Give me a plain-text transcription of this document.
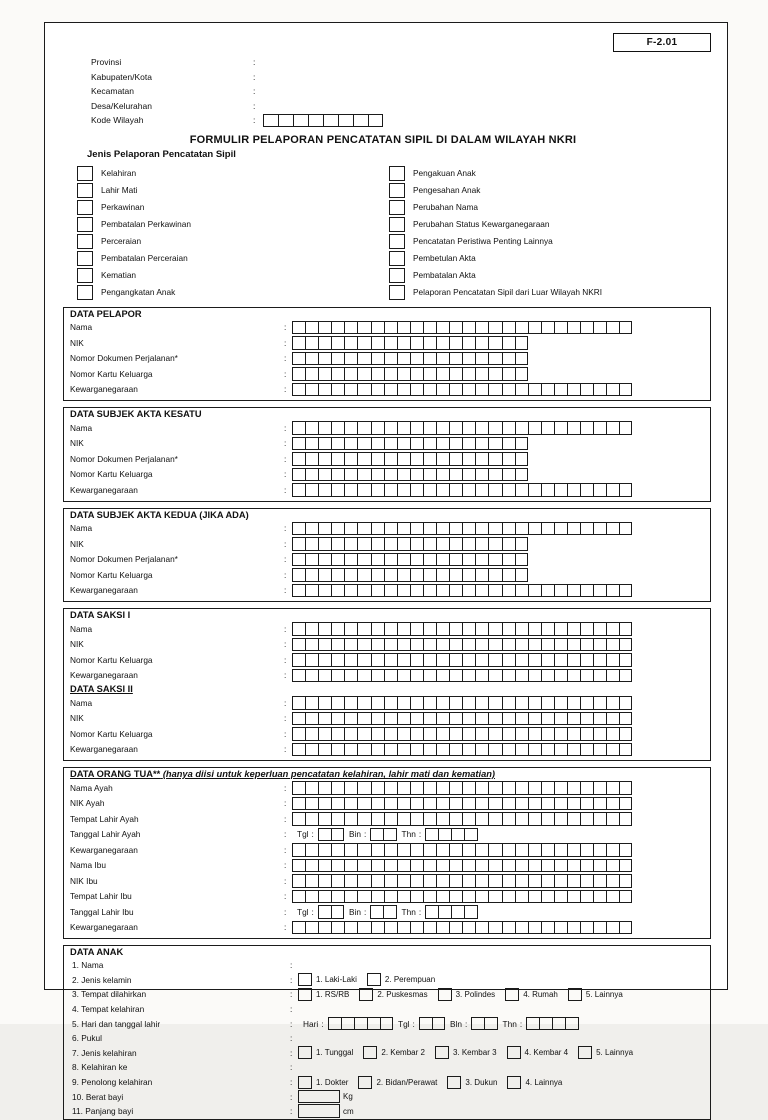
F-2.01
Provinsi	:
Kabupaten/Kota	:
Kecamatan	:
Desa/Kelurahan	:
Kode Wilayah	:
FORMULIR PELAPORAN PENCATATAN SIPIL DI DALAM WILAYAH NKRI
Jenis Pelaporan Pencatatan Sipil
Kelahiran
Lahir Mati
Perkawinan
Pembatalan Perkawinan
Perceraian
Pembatalan Perceraian
Kematian
Pengangkatan Anak
Pengakuan Anak
Pengesahan Anak
Perubahan Nama
Perubahan Status Kewarganegaraan
Pencatatan Peristiwa Penting Lainnya
Pembetulan Akta
Pembatalan Akta
Pelaporan Pencatatan Sipil dari Luar Wilayah NKRI
DATA PELAPOR
Nama	:
NIK	:
Nomor Dokumen Perjalanan*	:
Nomor Kartu Keluarga	:
Kewarganegaraan	:
DATA SUBJEK AKTA KESATU
Nama	:
NIK	:
Nomor Dokumen Perjalanan*	:
Nomor Kartu Keluarga	:
Kewarganegaraan	:
DATA SUBJEK AKTA KEDUA (JIKA ADA)
Nama	:
NIK	:
Nomor Dokumen Perjalanan*	:
Nomor Kartu Keluarga	:
Kewarganegaraan	:
DATA SAKSI I
Nama	:
NIK	:
Nomor Kartu Keluarga	:
Kewarganegaraan	:
DATA SAKSI II
Nama	:
NIK	:
Nomor Kartu Keluarga	:
Kewarganegaraan	:
DATA ORANG TUA** (hanya diisi untuk keperluan pencatatan kelahiran, lahir mati dan kematian)
Nama Ayah	:
NIK Ayah	:
Tempat Lahir Ayah	:
Tanggal Lahir Ayah	:	Tgl :	Bin :	Thn :
Kewarganegaraan	:
Nama Ibu	:
NIK Ibu	:
Tempat Lahir Ibu	:
Tanggal Lahir Ibu	:	Tgl :	Bin :	Thn :
Kewarganegaraan	:
DATA ANAK
1. Nama	:
2. Jenis kelamin	:	1. Laki-Laki	2. Perempuan
3. Tempat dilahirkan	:	1. RS/RB	2. Puskesmas	3. Polindes	4. Rumah	5. Lainnya
4. Tempat kelahiran	:
5. Hari dan tanggal lahir	:	Hari :	Tgl :	Bln :	Thn :
6. Pukul	:
7. Jenis kelahiran	:	1. Tunggal	2. Kembar 2	3. Kembar 3	4. Kembar 4	5. Lainnya
8. Kelahiran ke	:
9. Penolong kelahiran	:	1. Dokter	2. Bidan/Perawat	3. Dukun	4. Lainnya
10. Berat bayi	:	Kg
11. Panjang bayi	:	cm
